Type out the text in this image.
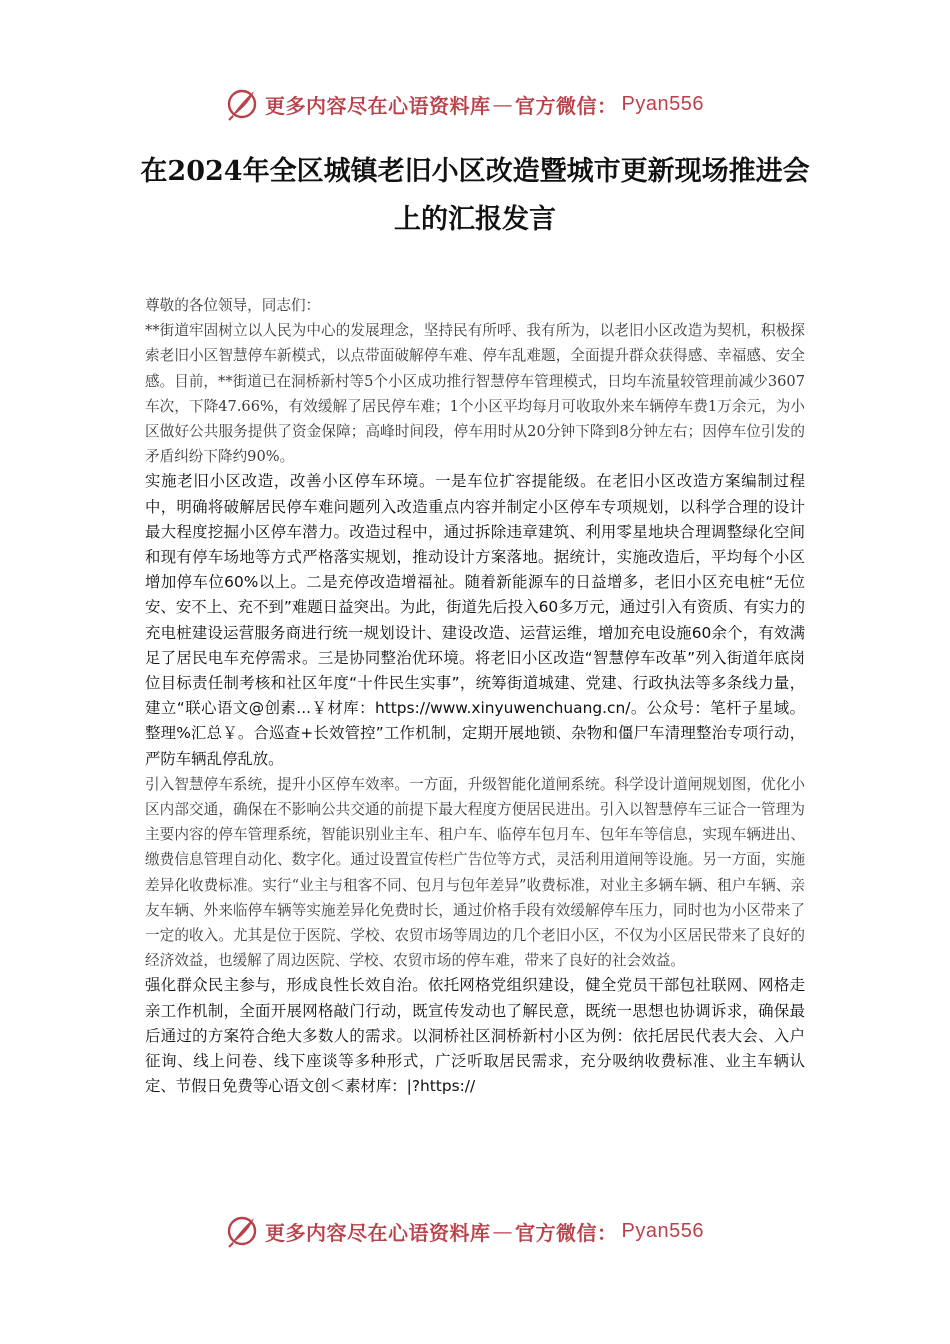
更多内容尽在心语资料库 — 官方微信： Pyan556
在2024年全区城镇老旧小区改造暨城市更新现场推进会上的汇报发言

尊敬的各位领导，同志们：

**街道牢固树立以人民为中心的发展理念，坚持民有所呼、我有所为，以老旧小区改造为契机，积极探索老旧小区智慧停车新模式，以点带面破解停车难、停车乱难题，全面提升群众获得感、幸福感、安全感。目前，**街道已在洞桥新村等5个小区成功推行智慧停车管理模式，日均车流量较管理前减少3607车次，下降47.66%，有效缓解了居民停车难；1个小区平均每月可收取外来车辆停车费1万余元，为小区做好公共服务提供了资金保障；高峰时间段，停车用时从20分钟下降到8分钟左右；因停车位引发的矛盾纠纷下降约90%。

实施老旧小区改造，改善小区停车环境。一是车位扩容提能级。在老旧小区改造方案编制过程中，明确将破解居民停车难问题列入改造重点内容并制定小区停车专项规划，以科学合理的设计最大程度挖掘小区停车潜力。改造过程中，通过拆除违章建筑、利用零星地块合理调整绿化空间和现有停车场地等方式严格落实规划，推动设计方案落地。据统计，实施改造后，平均每个小区增加停车位60%以上。二是充停改造增福祉。随着新能源车的日益增多，老旧小区充电桩“无位安、安不上、充不到”难题日益突出。为此，街道先后投入60多万元，通过引入有资质、有实力的充电桩建设运营服务商进行统一规划设计、建设改造、运营运维，增加充电设施60余个，有效满足了居民电车充停需求。三是协同整治优环境。将老旧小区改造“智慧停车改革”列入街道年底岗位目标责任制考核和社区年度“十件民生实事”，统筹街道城建、党建、行政执法等多条线力量，建立“联心语文@创素...￥材库：https://www.xinyuwenchuang.cn/。公众号：笔杆子星域。整理%汇总￥。合巡查+长效管控”工作机制，定期开展地锁、杂物和僵尸车清理整治专项行动，严防车辆乱停乱放。

引入智慧停车系统，提升小区停车效率。一方面，升级智能化道闸系统。科学设计道闸规划图，优化小区内部交通，确保在不影响公共交通的前提下最大程度方便居民进出。引入以智慧停车三证合一管理为主要内容的停车管理系统，智能识别业主车、租户车、临停车包月车、包年车等信息，实现车辆进出、缴费信息管理自动化、数字化。通过设置宣传栏广告位等方式，灵活利用道闸等设施。另一方面，实施差异化收费标准。实行“业主与租客不同、包月与包年差异”收费标准，对业主多辆车辆、租户车辆、亲友车辆、外来临停车辆等实施差异化免费时长，通过价格手段有效缓解停车压力，同时也为小区带来了一定的收入。尤其是位于医院、学校、农贸市场等周边的几个老旧小区，不仅为小区居民带来了良好的经济效益，也缓解了周边医院、学校、农贸市场的停车难，带来了良好的社会效益。

强化群众民主参与，形成良性长效自治。依托网格党组织建设，健全党员干部包社联网、网格走亲工作机制，全面开展网格敲门行动，既宣传发动也了解民意，既统一思想也协调诉求，确保最后通过的方案符合绝大多数人的需求。以洞桥社区洞桥新村小区为例：依托居民代表大会、入户征询、线上问卷、线下座谈等多种形式，广泛听取居民需求，充分吸纳收费标准、业主车辆认定、节假日免费等心语文创＜素材库：|?https://

更多内容尽在心语资料库 — 官方微信： Pyan556
